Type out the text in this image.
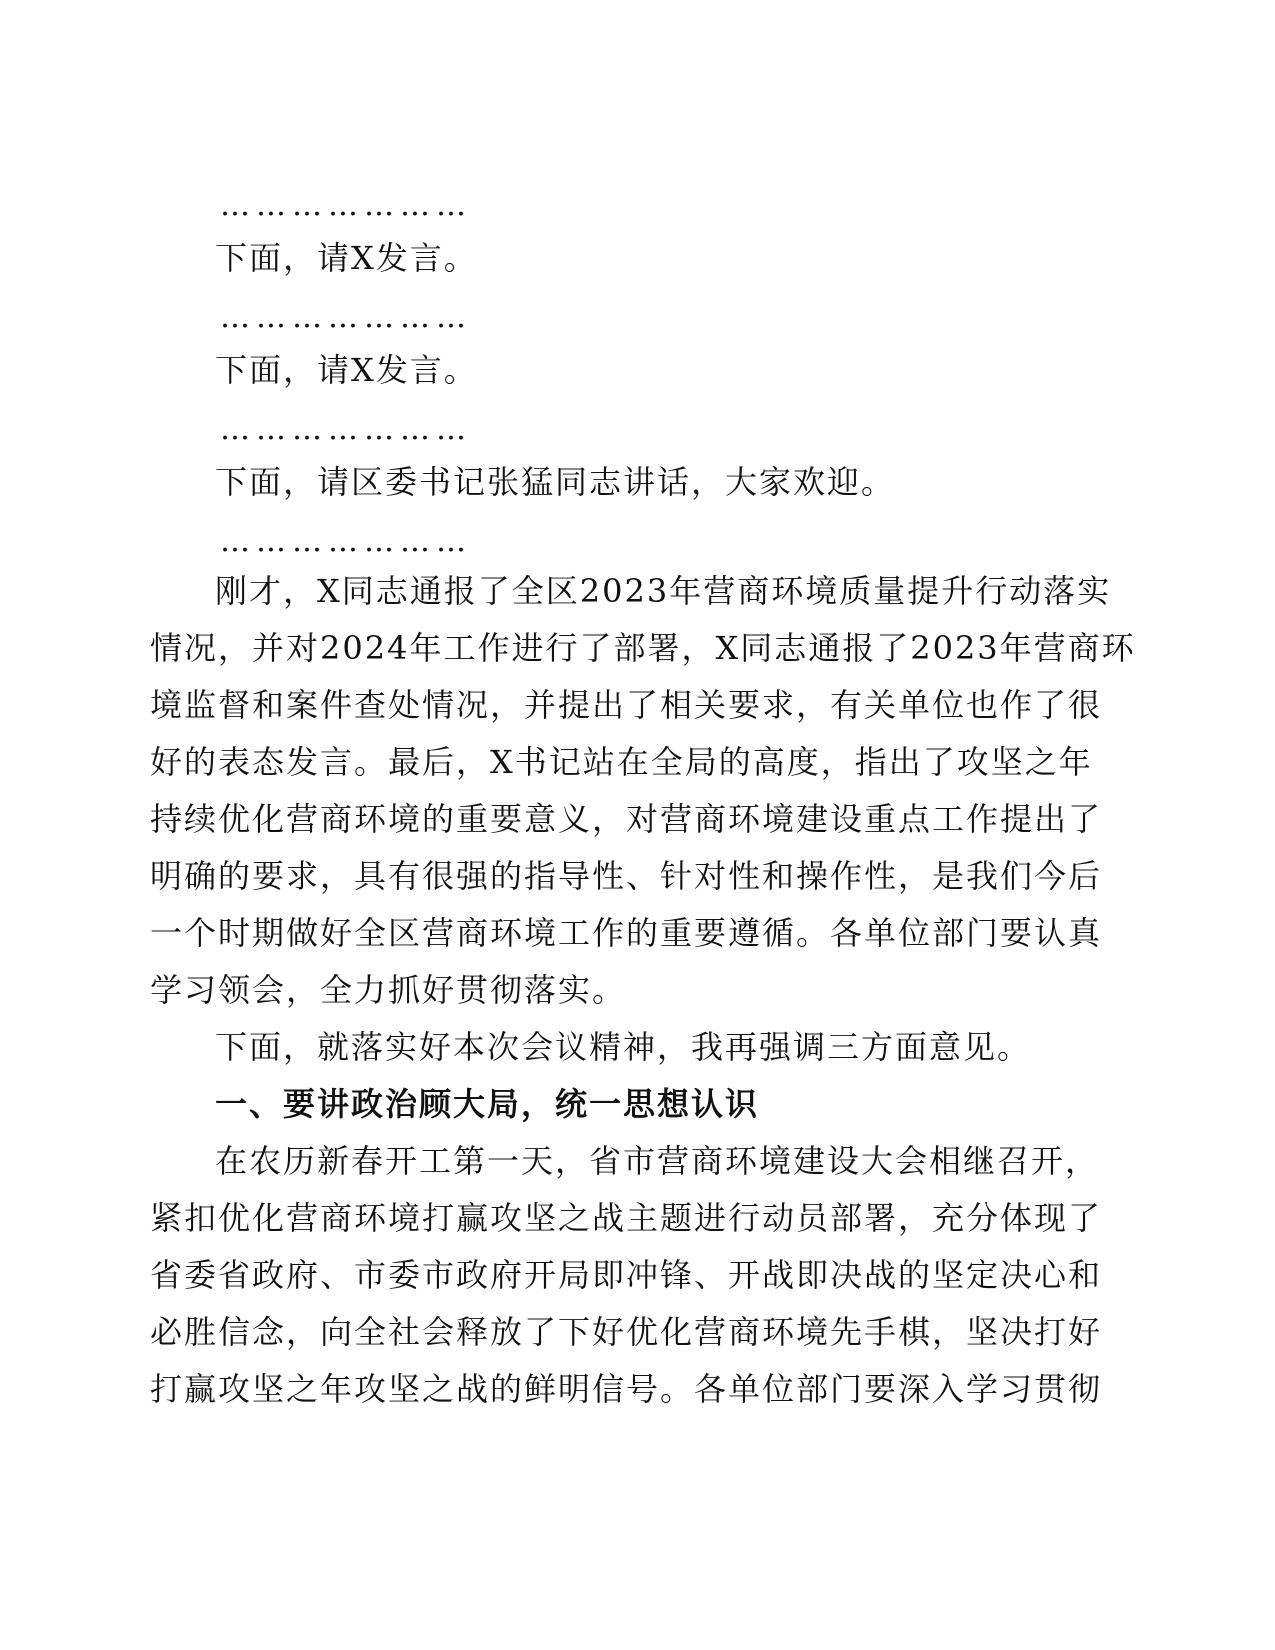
…………………
下面，请X发言。
…………………
下面，请X发言。
…………………
下面，请区委书记张猛同志讲话，大家欢迎。
…………………
刚才，X同志通报了全区2023年营商环境质量提升行动落实
情况，并对2024年工作进行了部署，X同志通报了2023年营商环
境监督和案件查处情况，并提出了相关要求，有关单位也作了很
好的表态发言。最后，X书记站在全局的高度，指出了攻坚之年
持续优化营商环境的重要意义，对营商环境建设重点工作提出了
明确的要求，具有很强的指导性、针对性和操作性，是我们今后
一个时期做好全区营商环境工作的重要遵循。各单位部门要认真
学习领会，全力抓好贯彻落实。
下面，就落实好本次会议精神，我再强调三方面意见。
一、要讲政治顾大局，统一思想认识
在农历新春开工第一天，省市营商环境建设大会相继召开，
紧扣优化营商环境打赢攻坚之战主题进行动员部署，充分体现了
省委省政府、市委市政府开局即冲锋、开战即决战的坚定决心和
必胜信念，向全社会释放了下好优化营商环境先手棋，坚决打好
打赢攻坚之年攻坚之战的鲜明信号。各单位部门要深入学习贯彻
